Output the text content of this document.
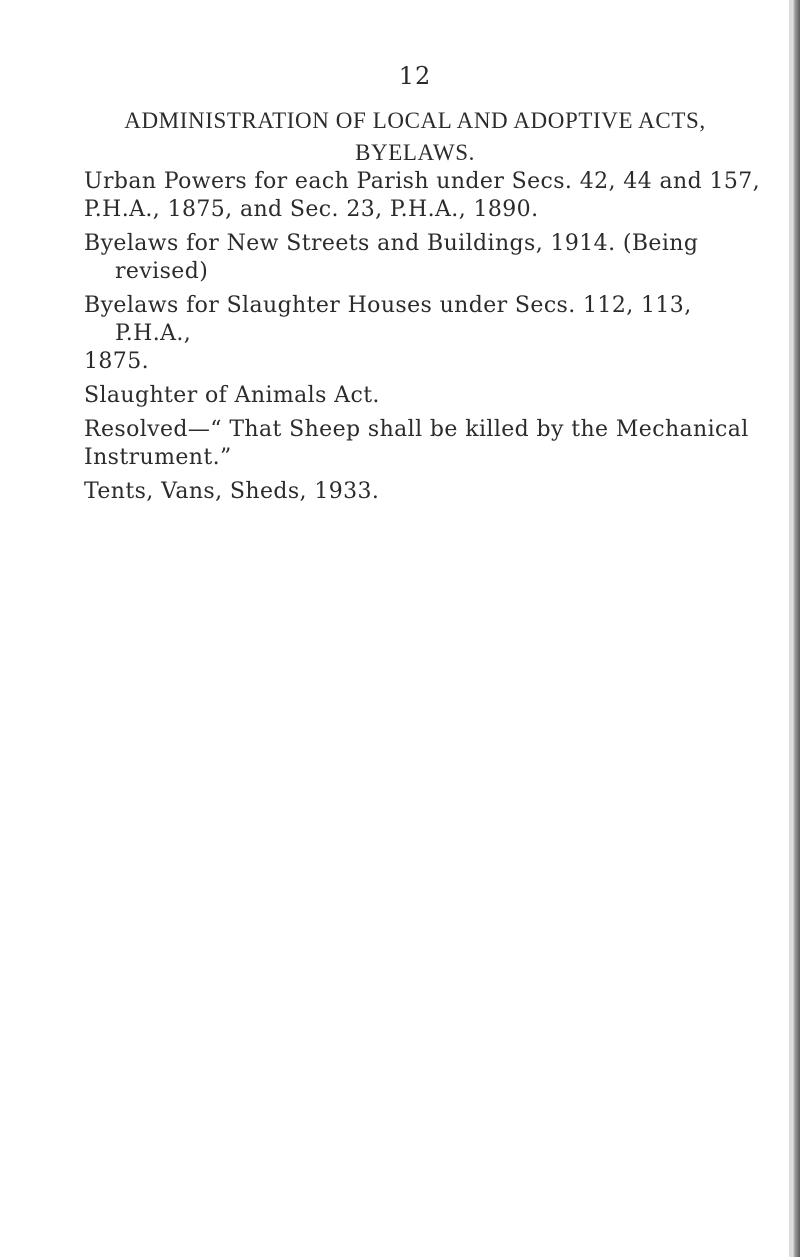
12
ADMINISTRATION OF LOCAL AND ADOPTIVE ACTS,
BYELAWS.

Urban Powers for each Parish under Secs. 42, 44 and 157,
P.H.A., 1875, and Sec. 23, P.H.A., 1890.

Byelaws for New Streets and Buildings, 1914. (Being revised)

Byelaws for Slaughter Houses under Secs. 112, 113, P.H.A.,
1875.

Slaughter of Animals Act.

Resolved—“ That Sheep shall be killed by the Mechanical
Instrument.”

Tents, Vans, Sheds, 1933.
